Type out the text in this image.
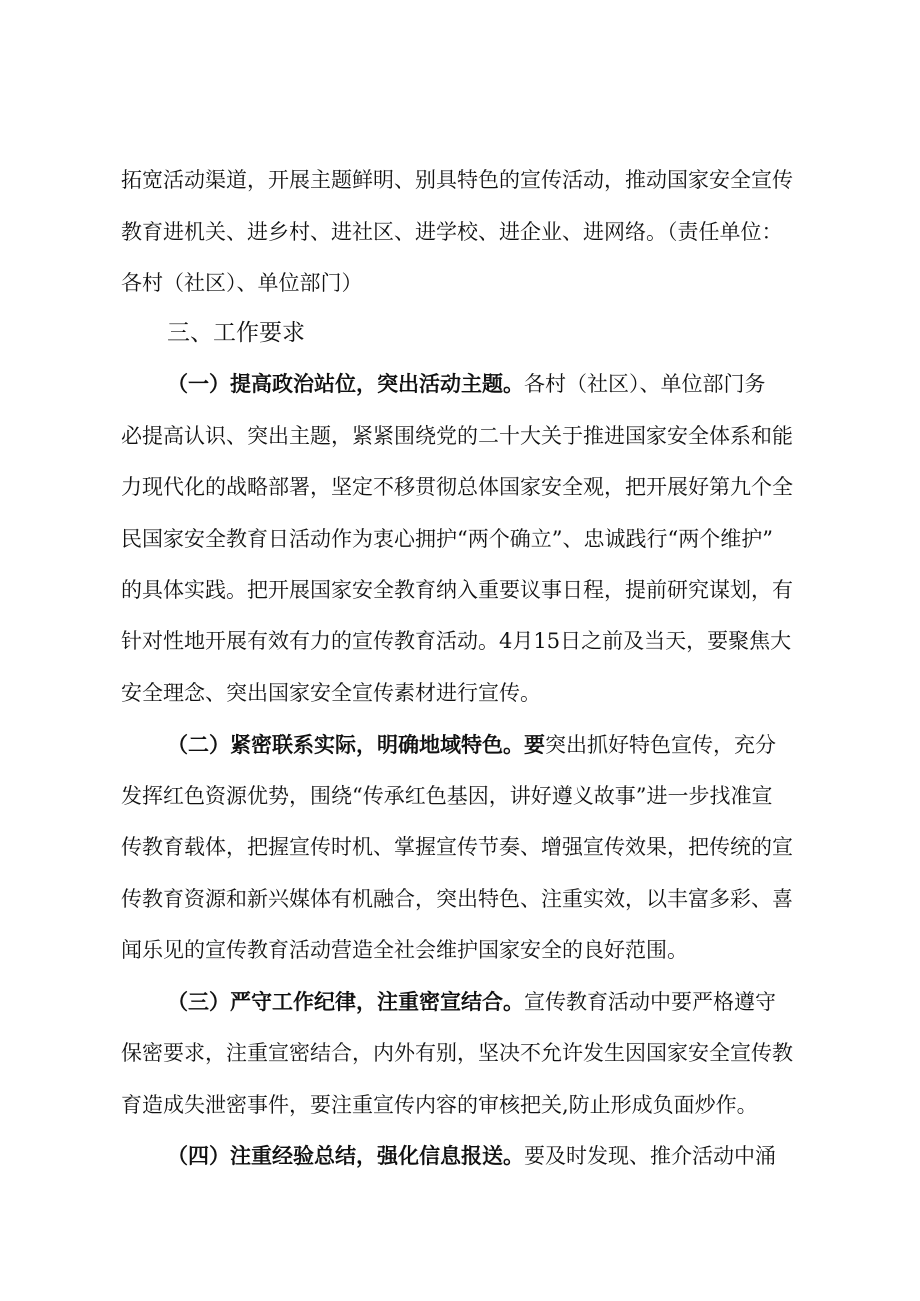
拓宽活动渠道，开展主题鲜明、别具特色的宣传活动，推动国家安全宣传
教育进机关、进乡村、进社区、进学校、进企业、进网络。（责任单位：
各村（社区）、单位部门）
三、工作要求
（一）提高政治站位，突出活动主题。各村（社区）、单位部门务
必提高认识、突出主题，紧紧围绕党的二十大关于推进国家安全体系和能
力现代化的战略部署，坚定不移贯彻总体国家安全观，把开展好第九个全
民国家安全教育日活动作为衷心拥护“两个确立”、忠诚践行“两个维护”
的具体实践。把开展国家安全教育纳入重要议事日程，提前研究谋划，有
针对性地开展有效有力的宣传教育活动。4月15日之前及当天，要聚焦大
安全理念、突出国家安全宣传素材进行宣传。
（二）紧密联系实际，明确地域特色。要突出抓好特色宣传，充分
发挥红色资源优势，围绕“传承红色基因，讲好遵义故事”进一步找准宣
传教育载体，把握宣传时机、掌握宣传节奏、增强宣传效果，把传统的宣
传教育资源和新兴媒体有机融合，突出特色、注重实效，以丰富多彩、喜
闻乐见的宣传教育活动营造全社会维护国家安全的良好范围。
（三）严守工作纪律，注重密宣结合。宣传教育活动中要严格遵守
保密要求，注重宣密结合，内外有别，坚决不允许发生因国家安全宣传教
育造成失泄密事件，要注重宣传内容的审核把关,防止形成负面炒作。
（四）注重经验总结，强化信息报送。要及时发现、推介活动中涌
